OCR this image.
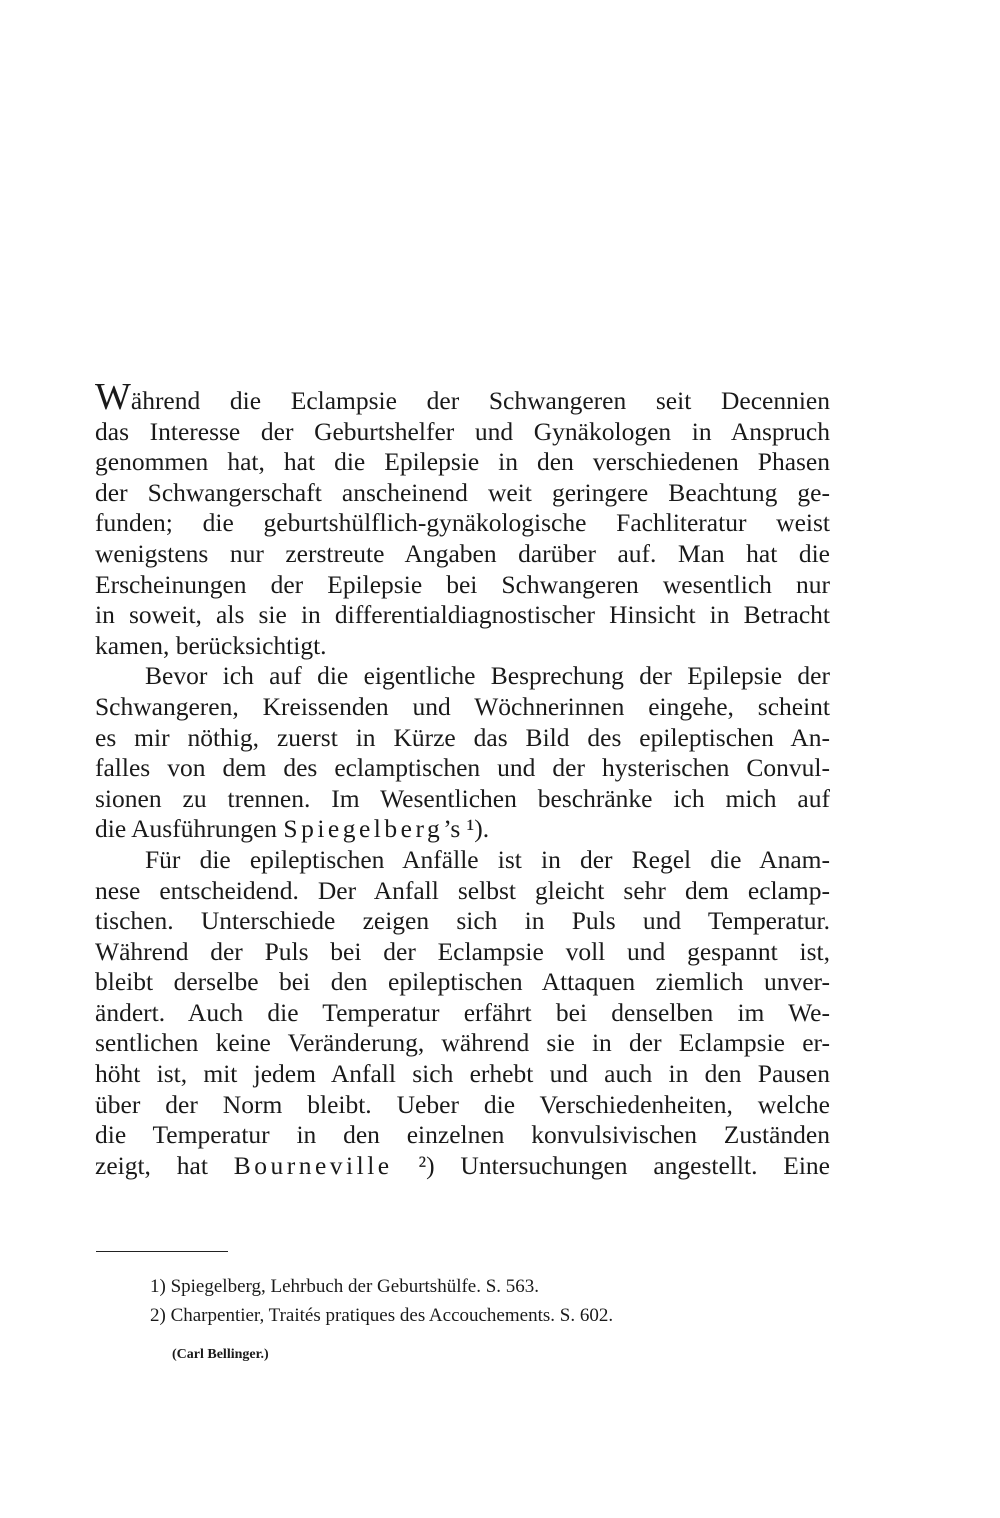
Während die Eclampsie der Schwangeren seit Decennien
das Interesse der Geburtshelfer und Gynäkologen in Anspruch
genommen hat, hat die Epilepsie in den verschiedenen Phasen
der Schwangerschaft anscheinend weit geringere Beachtung ge-
funden; die geburtshülflich-gynäkologische Fachliteratur weist
wenigstens nur zerstreute Angaben darüber auf. Man hat die
Erscheinungen der Epilepsie bei Schwangeren wesentlich nur
in soweit, als sie in differentialdiagnostischer Hinsicht in Betracht
kamen, berücksichtigt.
Bevor ich auf die eigentliche Besprechung der Epilepsie der
Schwangeren, Kreissenden und Wöchnerinnen eingehe, scheint
es mir nöthig, zuerst in Kürze das Bild des epileptischen An-
falles von dem des eclamptischen und der hysterischen Convul-
sionen zu trennen. Im Wesentlichen beschränke ich mich auf
die Ausführungen Spiegelberg’s ¹).
Für die epileptischen Anfälle ist in der Regel die Anam-
nese entscheidend. Der Anfall selbst gleicht sehr dem eclamp-
tischen. Unterschiede zeigen sich in Puls und Temperatur.
Während der Puls bei der Eclampsie voll und gespannt ist,
bleibt derselbe bei den epileptischen Attaquen ziemlich unver-
ändert. Auch die Temperatur erfährt bei denselben im We-
sentlichen keine Veränderung, während sie in der Eclampsie er-
höht ist, mit jedem Anfall sich erhebt und auch in den Pausen
über der Norm bleibt. Ueber die Verschiedenheiten, welche
die Temperatur in den einzelnen konvulsivischen Zuständen
zeigt, hat Bourneville ²) Untersuchungen angestellt. Eine
1) Spiegelberg, Lehrbuch der Geburtshülfe. S. 563.
2) Charpentier, Traités pratiques des Accouchements. S. 602.
(Carl Bellinger.)
